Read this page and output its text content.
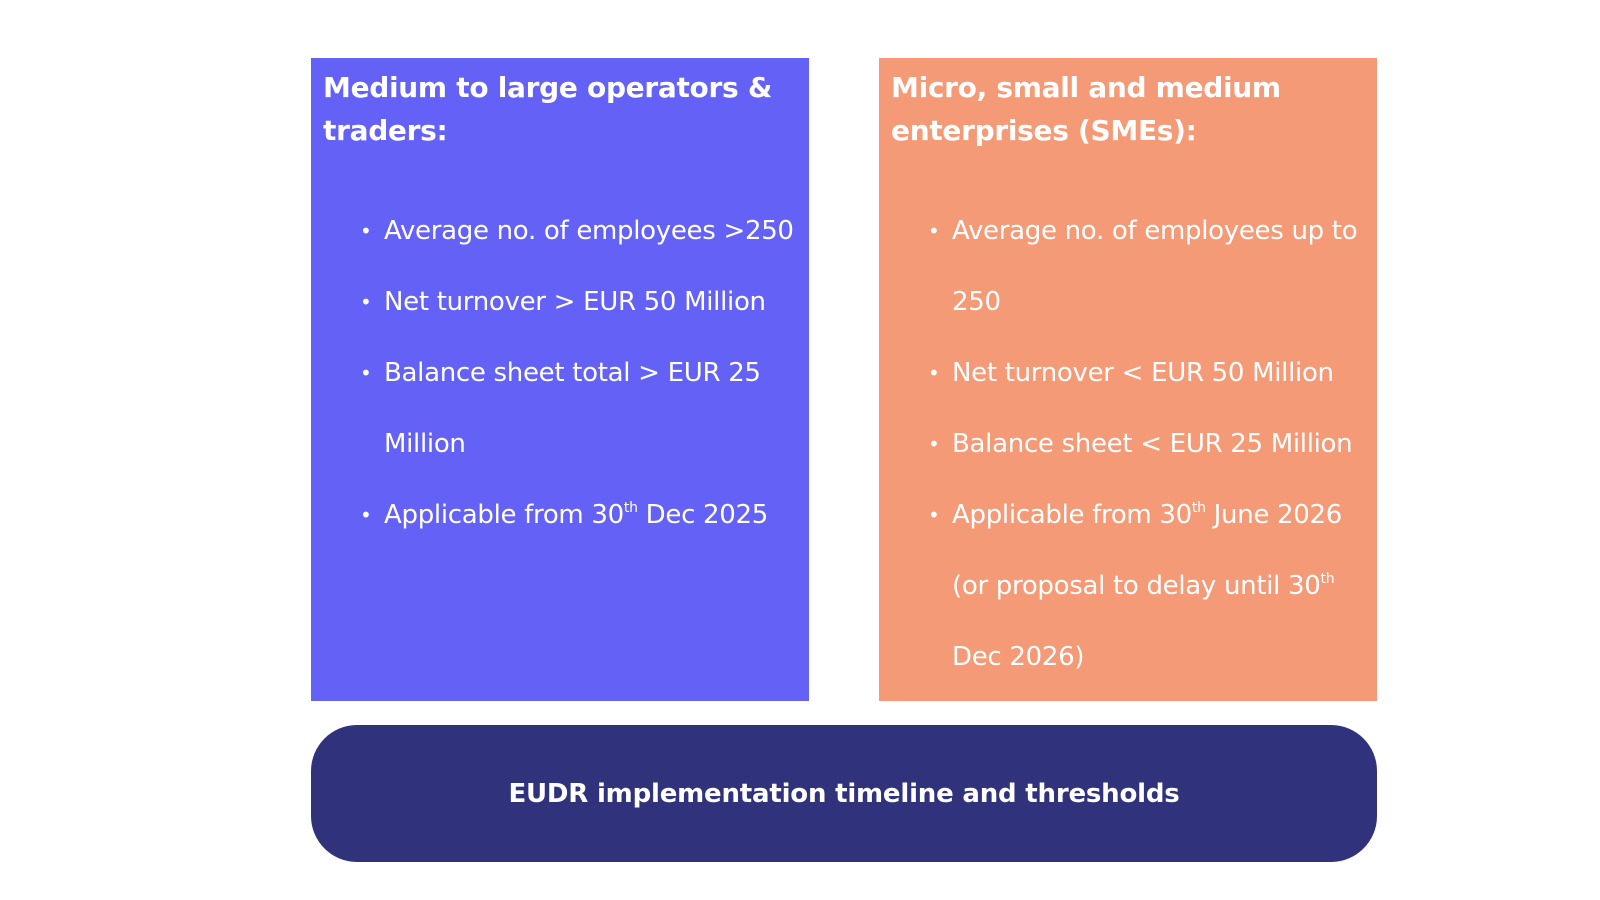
Medium to large operators & traders:
• Average no. of employees >250
• Net turnover > EUR 50 Million
• Balance sheet total > EUR 25 Million
• Applicable from 30th Dec 2025
Micro, small and medium enterprises (SMEs):
• Average no. of employees up to 250
• Net turnover < EUR 50 Million
• Balance sheet < EUR 25 Million
• Applicable from 30th June 2026 (or proposal to delay until 30th Dec 2026)
EUDR implementation timeline and thresholds
